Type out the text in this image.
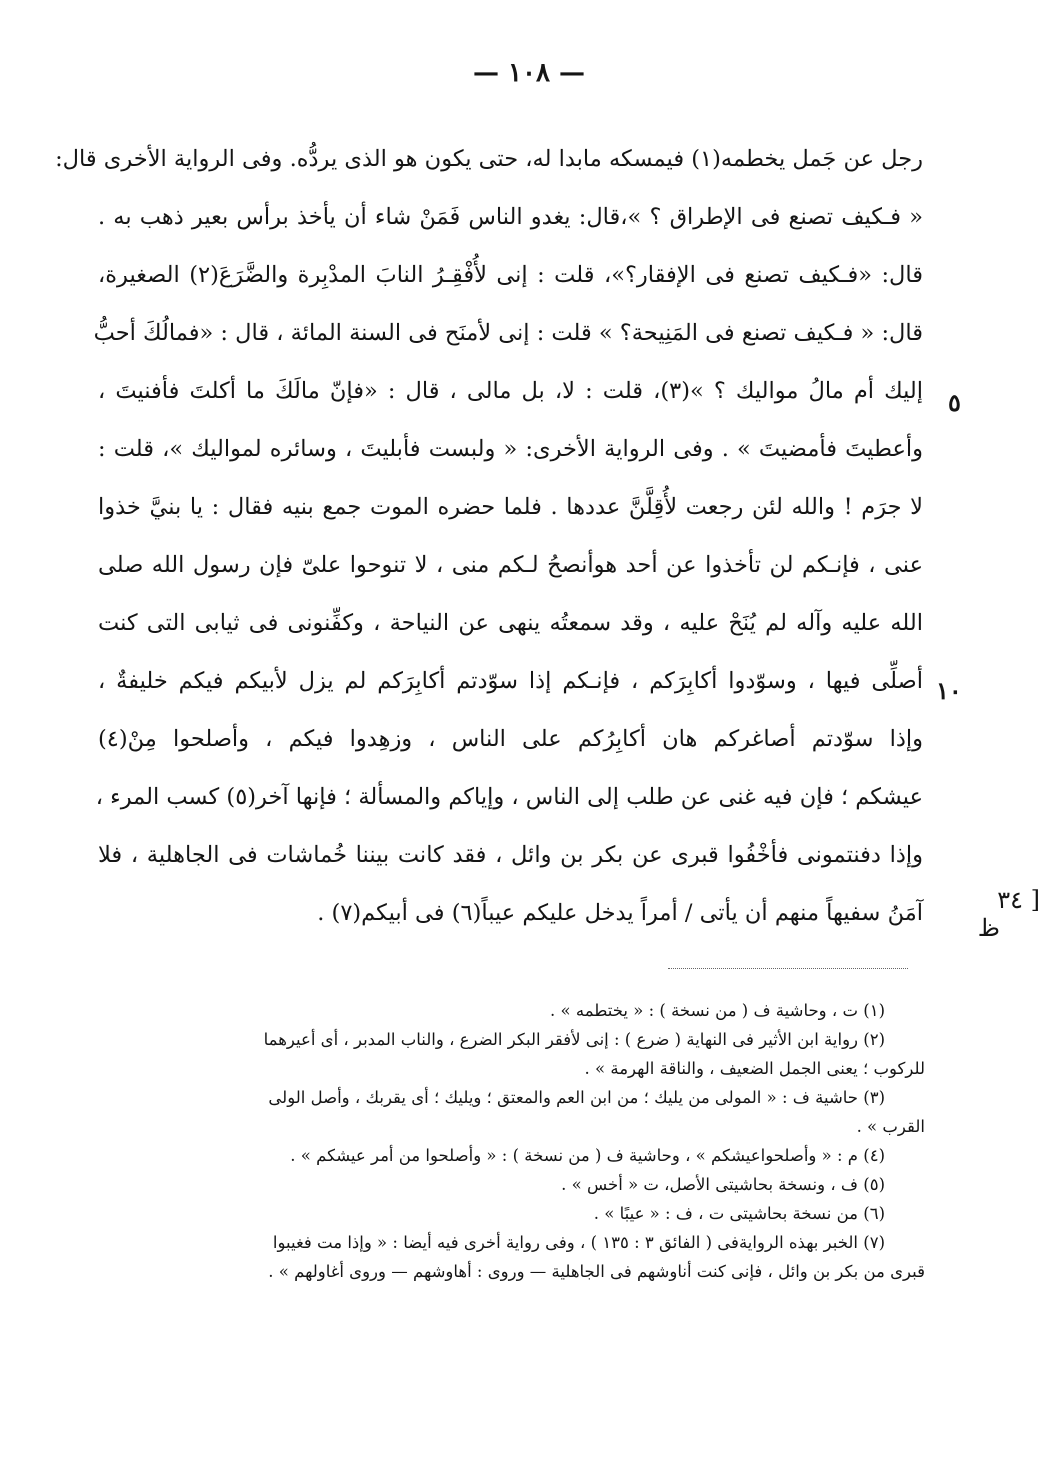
— ١٠٨ —
٥
١٠
رجل عن جَمل يخطمه(١) فيمسكه مابدا له، حتى يكون هو الذى يردُّه. وفى الرواية الأخرى قال:
« فـكيف تصنع فى الإطراق ؟ »،قال: يغدو الناس فَمَنْ شاء أن يأخذ برأس بعير ذهب به .
قال: «فـكيف تصنع فى الإفقار؟»، قلت : إنى لأُفْقِـرُ النابَ المدْبِرة والضَّرَعَ(٢) الصغيرة،
قال: « فـكيف تصنع فى المَنِيحة؟ » قلت : إنى لأمنَح فى السنة المائة ، قال : «فمالُكَ أحبُّ
إليك أم مالُ مواليك ؟ »(٣)، قلت : لا، بل مالى ، قال : «فإنّ مالَكَ ما أكلتَ فأفنيتَ ،
وأعطيتَ فأمضيتَ » . وفى الرواية الأخرى: « ولبست فأبليتَ ، وسائره لمواليك »، قلت :
لا جرَم ! والله لئن رجعت لأُقِلَّنَّ عددها . فلما حضره الموت جمع بنيه فقال : يا بنيَّ خذوا
عنى ، فإنـكم لن تأخذوا عن أحد هوأنصحُ لـكم منى ، لا تنوحوا علىّ فإن رسول الله صلى
الله عليه وآله لم يُنَحْ عليه ، وقد سمعتُه ينهى عن النياحة ، وكفِّنونى فى ثيابى التى كنت
أصلِّى فيها ، وسوّدوا أكابِرَكم ، فإنـكم إذا سوّدتم أكابِرَكم لم يزل لأبيكم فيكم خليفةٌ ،
وإذا سوّدتم أصاغركم هان أكابِرُكم على الناس ، وزهِدوا فيكم ، وأصلحوا مِنْ(٤)
عيشكم ؛ فإن فيه غنى عن طلب إلى الناس ، وإياكم والمسألة ؛ فإنها آخر(٥) كسب المرء ،
وإذا دفنتمونى فأخْفُوا قبرى عن بكر بن وائل ، فقد كانت بيننا خُماشات فى الجاهلية ، فلا
آمَنُ سفيهاً منهم أن يأتى / أمراً يدخل عليكم عيباً(٦) فى أبيكم(٧) .	[ ٣٤
ظ
(١) ت ، وحاشية ف ( من نسخة ) : « يختطمه » .
(٢) رواية ابن الأثير فى النهاية ( ضرع ) : إنى لأفقر البكر الضرع ، والناب المدبر ، أى أعيرهما
للركوب ؛ يعنى الجمل الضعيف ، والناقة الهرمة » .
(٣) حاشية ف : « المولى من يليك ؛ من ابن العم والمعتق ؛ ويليك ؛ أى يقربك ، وأصل الولى
القرب » .
(٤) م : « وأصلحواعيشكم » ، وحاشية ف ( من نسخة ) : « وأصلحوا من أمر عيشكم » .
(٥) ف ، ونسخة بحاشيتى الأصل، ت « أخس » .
(٦) من نسخة بحاشيتى ت ، ف : « عيبًا » .
(٧) الخبر بهذه الروايةفى ( الفائق ٣ : ١٣٥ ) ، وفى رواية أخرى فيه أيضا : « وإذا مت فغيبوا
قبرى من بكر بن وائل ، فإنى كنت أناوشهم فى الجاهلية — وروى : أهاوشهم — وروى أغاولهم » .
